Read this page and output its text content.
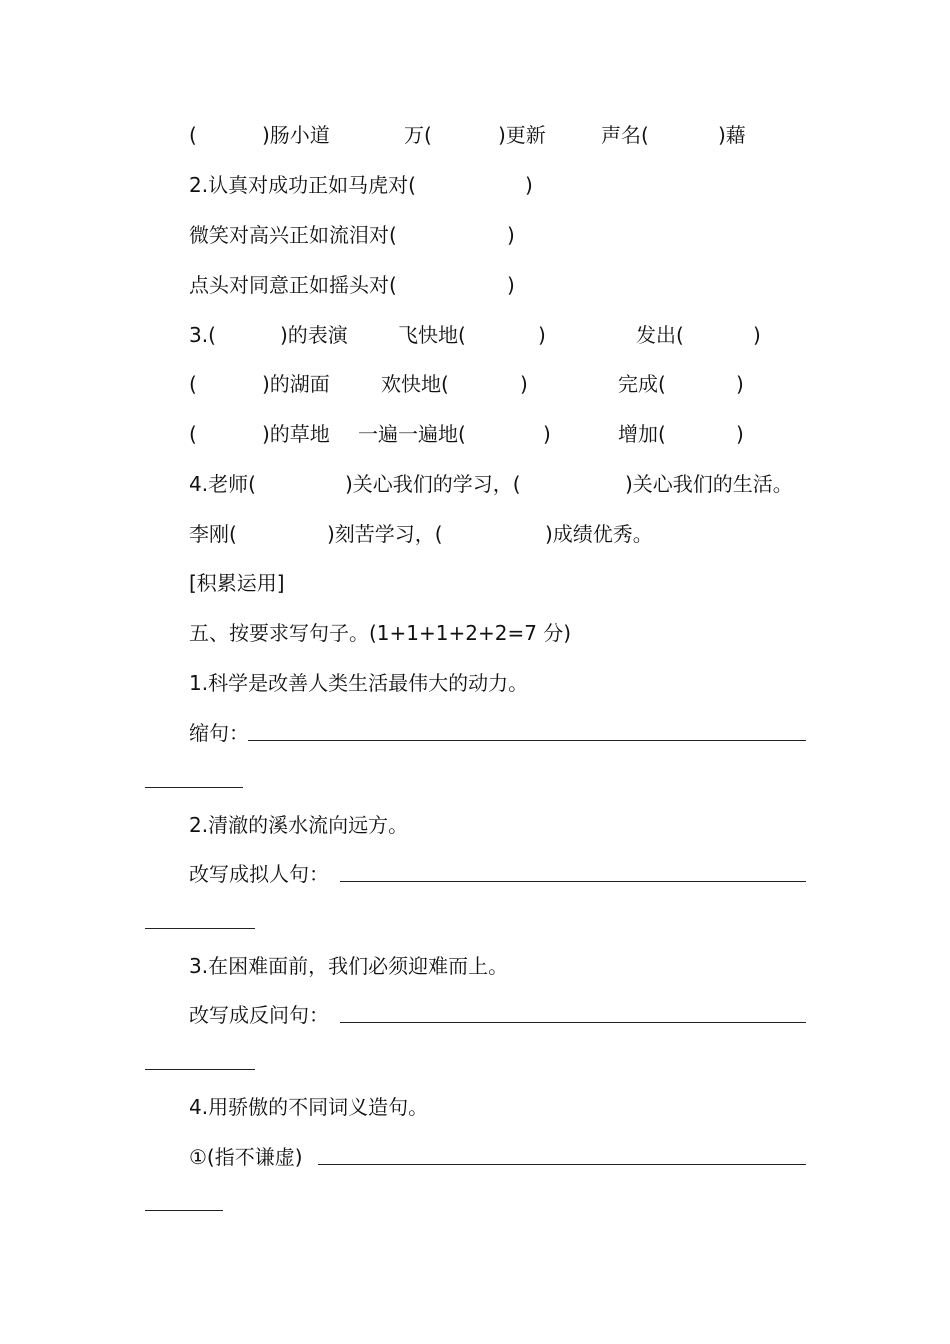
(	)肠小道	万(	)更新	声名(	)藉
2.认真对成功正如马虎对(	)
微笑对高兴正如流泪对(	)
点头对同意正如摇头对(	)
3.(	)的表演	飞快地(	)	发出(	)
(	)的湖面	欢快地(	)	完成(	)
(	)的草地 一遍一遍地(	)	增加(	)
4.老师(	)关心我们的学习，(	)关心我们的生活。
李刚(	)刻苦学习，(	)成绩优秀。
[积累运用]
五、按要求写句子。(1+1+1+2+2=7 分)
1.科学是改善人类生活最伟大的动力。
缩句：
2.清澈的溪水流向远方。
改写成拟人句：
3.在困难面前，我们必须迎难而上。
改写成反问句：
4.用骄傲的不同词义造句。
①(指不谦虚)
